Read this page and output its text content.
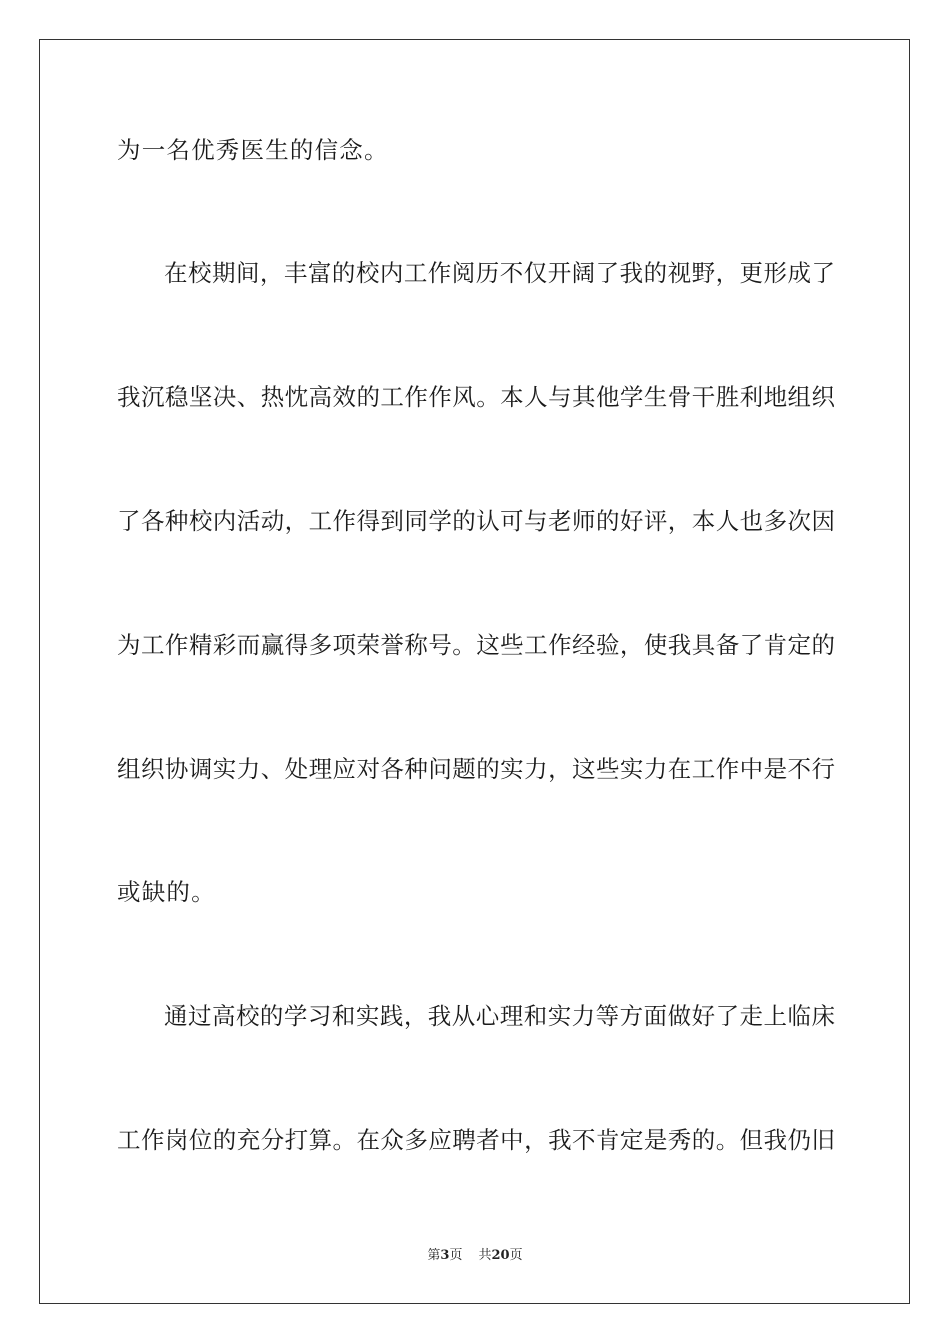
为一名优秀医生的信念。
在校期间，丰富的校内工作阅历不仅开阔了我的视野，更形成了
我沉稳坚决、热忱高效的工作作风。本人与其他学生骨干胜利地组织
了各种校内活动，工作得到同学的认可与老师的好评，本人也多次因
为工作精彩而赢得多项荣誉称号。这些工作经验，使我具备了肯定的
组织协调实力、处理应对各种问题的实力，这些实力在工作中是不行
或缺的。
通过高校的学习和实践，我从心理和实力等方面做好了走上临床
工作岗位的充分打算。在众多应聘者中，我不肯定是秀的。但我仍旧
第3页 共20页
